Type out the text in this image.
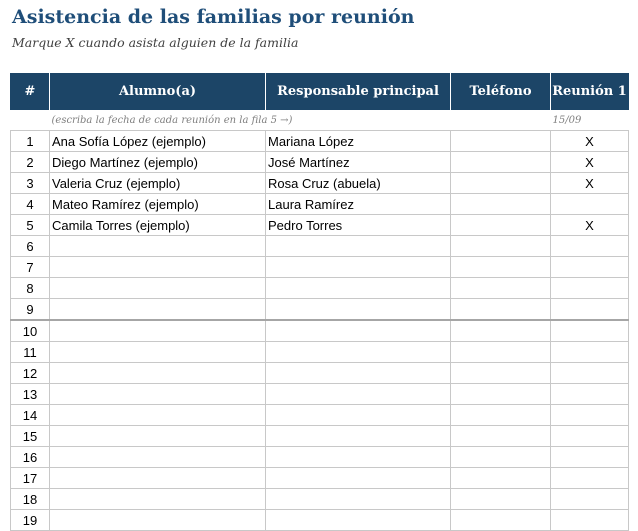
Asistencia de las familias por reunión
Marque X cuando asista alguien de la familia
#	Alumno(a)	Responsable principal	Teléfono	Reunión 1
	(escriba la fecha de cada reunión en la fila 5 →)			15/09
1	Ana Sofía López (ejemplo)	Mariana López		X
2	Diego Martínez (ejemplo)	José Martínez		X
3	Valeria Cruz (ejemplo)	Rosa Cruz (abuela)		X
4	Mateo Ramírez (ejemplo)	Laura Ramírez		
5	Camila Torres (ejemplo)	Pedro Torres		X
6				
7				
8				
9				
10				
11				
12				
13				
14				
15				
16				
17				
18				
19				
